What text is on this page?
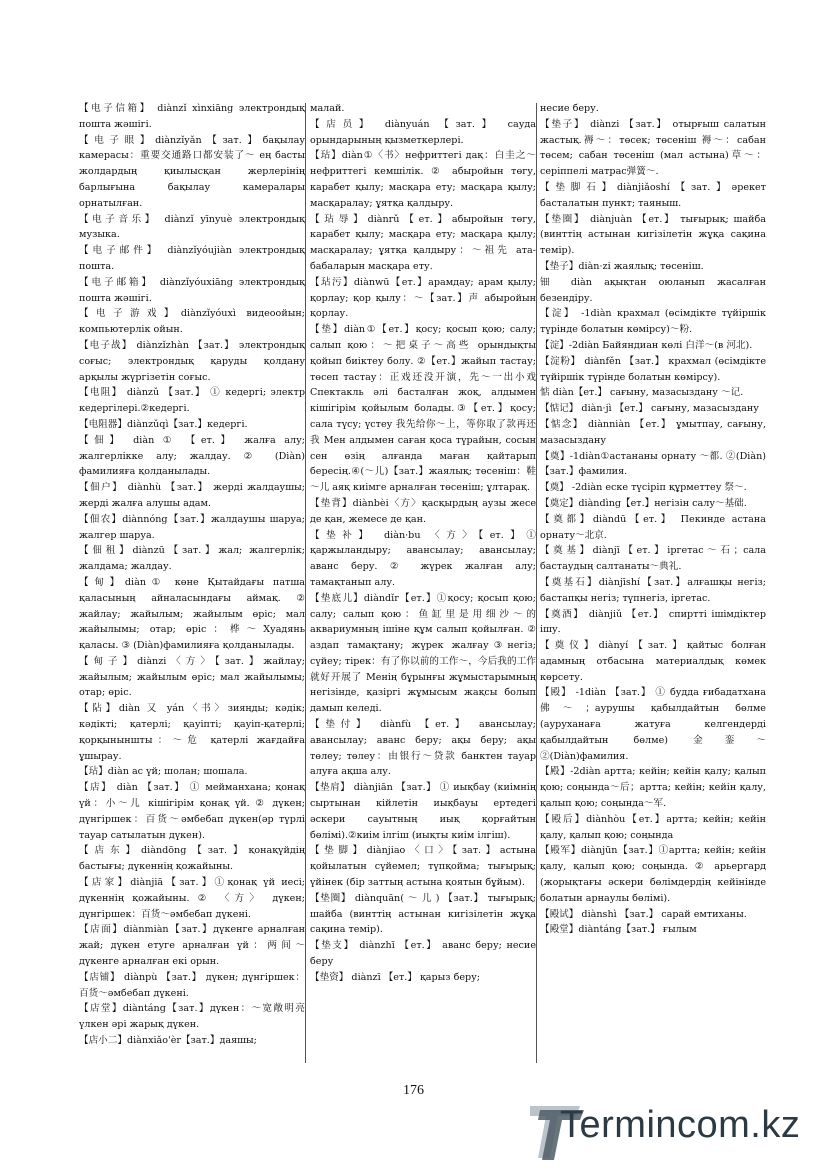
【电子信箱】 diànzǐ xìnxiāng электрондық пошта жәшігі.

【电子眼】diànzǐyǎn【зат.】бақылау камерасы：重要交通路口都安装了～ ең басты жолдардың қиылысқан жерлерінің барлығына бақылау камералары орнатылған.

【电子音乐】 diànzǐ yīnyuè электрондық музыка.

【电子邮件】 diànzǐyóujiàn электрондық пошта.

【电子邮箱】 diànzǐyóuxiāng электрондық пошта жәшігі.

【电子游戏】diànzǐyóuxì видеоойын; компьютерлік ойын.

【电子战】 diànzǐzhàn 【зат.】 электрондық соғыс; электрондық қаруды қолдану арқылы жүргізетін соғыс.

【电阻】 diànzǔ 【зат.】 ① кедергі; электр кедергілері.②кедергі.

【电阻器】diànzǔqì【зат.】кедергі.

【佃】 diàn ① 【ет.】 жалға алу; жалгерлікке алу; жалдау. ② (Diàn) фамилияға қолданылады.

【佃户】 diànhù 【зат.】 жерді жалдаушы; жерді жалға алушы адам.

【佃农】diànnóng【зат.】жалдаушы шаруа; жалгер шаруа.

【佃租】diànzū【зат.】жал; жалгерлік; жалдама; жалдау.

【甸】diàn① көне Қытайдағы патша қаласының айналасындағы аймақ. ② жайлау; жайылым; жайылым өріс; мал жайылымы; отар; өріс：桦～Хуадянь қаласы. ③ (Diàn)фамилияға қолданылады.

【甸子】diànzi〈方〉【зат.】жайлау; жайылым; жайылым өріс; мал жайылымы; отар; өріс.

【阽】diàn 又 yán〈书〉зияңды; кәдік; кәдікті; қатерлі; қауіпті; қауіп-қатерлі; қорқыныншты：～危 қатерлі жағдайға ұшырау.

【玷】diàn ас үй; шолан; шошала.

【店】 diàn 【зат.】 ① мейманхана; қонақ үй：小～儿 кішігірім қонақ үй. ② дүкен; дүнгіршек：百货～әмбебап дүкен(әр түрлі тауар сатылатын дүкен).

【店东】diàndōng【зат.】қонақүйдің бастығы; дүкеннің қожайыны.

【店家】diànjiā【зат.】①қонақ үй иесі; дүкеннің қожайыны. ② 〈方〉 дүкен; дүнгіршек：百货～әмбебап дүкені.

【店面】diànmiàn【зат.】дүкенге арналған жай; дүкен етуге арналған үй：两间～ дүкенге арналған екі орын.

【店铺】 diànpù 【зат.】 дүкен; дүнгіршек：百货～әмбебап дүкені.

【店堂】diàntáng【зат.】дүкен：～宽敞明亮 үлкен әрі жарық дүкен.

【店小二】diànxiǎo'èr【зат.】даяшы;

малай.

【店员】 diànyuán 【зат.】 сауда орындарының қызметкерлері.

【玷】diàn①〈书〉нефриттегі дақ：白圭之～ нефриттегі кемшілік. ② абыройын төгу, карабет қылу; масқара ету; масқара қылу; масқаралау; ұятқа қалдыру.

【玷辱】diànrǔ【ет.】абыройын төгу, карабет қылу; масқара ету; масқара қылу; масқаралау; ұятқа қалдыру：～祖先 ата-бабаларын масқара ету.

【玷污】diànwū【ет.】арамдау; арам қылу; қорлау; қор қылу：～【зат.】声 абыройын қорлау.

【垫】diàn①【ет.】қосу; қосып қою; салу; салып қою：～把桌子～高些 орындықты қойып биіктеу болу. ②【ет.】жайып тастау; төсеп тастау：正戏还没开演，先～一出小戏 Спектакль әлі басталған жоқ, алдымен кішігірім қойылым болады.③【ет.】қосу; сала түсу; үстеу 我先给你～上，等你取了款再还我 Мен алдымен саған қоса түрайын, сосын сен өзің алғанда маған қайтарып бересің.④(～儿)【зат.】жаялық; төсеніш：鞋～儿 аяқ киімге арналған төсеніш; ұлтарақ.

【垫背】diànbèi〈方〉қасқырдың аузы жесе де қан, жемесе де қан.

【垫补】 diàn·bu 〈方〉【ет.】① қаржыландыру; авансылау; авансылау; аванс беру. ② жүрек жалған алу; тамақтанып алу.

【垫底儿】diàndǐr【ет.】①қосу; қосып қою; салу; салып қою：鱼缸里是用细沙～的 аквариумның ішіне құм салып қойылған. ② аздап тамақтану; жүрек жалғау③негіз; сүйеу; тірек：有了你以前的工作～，今后我的工作就好开展了 Менің бұрынғы жұмыстарымның негізінде, қазіргі жұмысым жақсы болып дамып келеді.

【垫付】 diànfù 【ет.】 авансылау; авансылау; аванс беру; ақы беру; ақы төлеу; төлеу：由银行～贷款 банктен тауар алуға ақша алу.

【垫肩】 diànjiān 【зат.】 ① иықбау (киімнің сыртынан кійлетін иықбауы ертедегі әскери сауытның иық қорғайтын бөлімі).②киім ілгіш (иықты киім ілгіш).

【垫脚】diànjiao〈口〉【зат.】астына қойылатын сүйемел; түпқойма; тығырық; үйінек (бір заттың астына қоятын бұйым).

【垫圈】 diànquān( ～ 儿 ) 【зат.】 тығырық; шайба (винттің астынан кигізілетін жұқа сақина темір).

【垫支】 diànzhī 【ет.】 аванс беру; несие беру

【垫资】 diànzī 【ет.】 қарыз беру;

несие беру.

【垫子】 diànzi 【зат.】 отырғыш салатын жастық.褥～：төсек; төсеніш 褥～：сабан төсем; сабан төсеніш (мал астына)草～：серіппелі матрас弹簧～.

【垫脚石】diànjiǎoshí【зат.】әрекет басталатын пункт; таяныш.

【垫圈】 diànjuàn 【ет.】 тығырық; шайба (винттің астынан кигізілетін жұқа сақина темір).

【垫子】diàn·zi жаялық; төсеніш.

钿 diàn ақықтан оюланып жасалған безендіру.

【淀】 -1diàn крахмал (өсімдікте түйіршік түрінде болатын көмірсу)～粉.

【淀】-2diàn Байяндиан көлі 白洋～(в 河北).

【淀粉】 diànfěn 【зат.】 крахмал (өсімдікте түйіршік түрінде болатын көмірсу).

惦 diàn【ет.】 сағыну, мазасыздану ～记.

【惦记】 diàn·jì 【ет.】 сағыну, мазасыздану

【惦念】 diànniàn 【ет.】 ұмытпау, сағыну, мазасыздану

【奠】-1diàn①астананы орнату ～都. ②(Diàn)【зат.】фамилия.

【奠】 -2diàn еске түсіріп құрметтеу 祭～.

【奠定】diàndìng【ет.】негізін салу～基础.

【奠都】diàndū【ет.】 Пекинде астана орнату～北京.

【奠基】diànjī【ет.】іргетас～石；сала бастаудың салтанаты～典礼.

【奠基石】diànjīshí【зат.】алғашқы негіз; бастапқы негіз; түпнегіз, іргетас.

【奠酒】 diànjiǔ 【ет.】 спиртті ішімдіктер ішу.

【奠仪】diànyí【зат.】қайтыс болған адамның отбасына материалдық көмек көрсету.

【殿】 -1diàn 【зат.】 ① будда ғибадатхана 佛～；аурушы қабылдайтын бөлме (ауруханаға жатуға келгендерді қабылдайтын бөлме) 金銮～②(Diàn)фамилия.

【殿】-2diàn артта; кейін; кейін қалу; қалып қою; соңында～后；артта; кейін; кейін қалу, қалып қою; соңында～军.

【殿后】diànhòu【ет.】артта; кейін; кейін қалу, қалып қою; соңында

【殿军】diànjūn【зат.】①артта; кейін; кейін қалу, қалып қою; соңында. ② арьергард (жорықтағы әскери бөлімдердің кейінінде болатын арнаулы бөлімі).

【殿试】 diànshì 【зат.】 сарай емтиханы.

【殿堂】diàntáng【зат.】 ғылым

176
Termincom.kz
